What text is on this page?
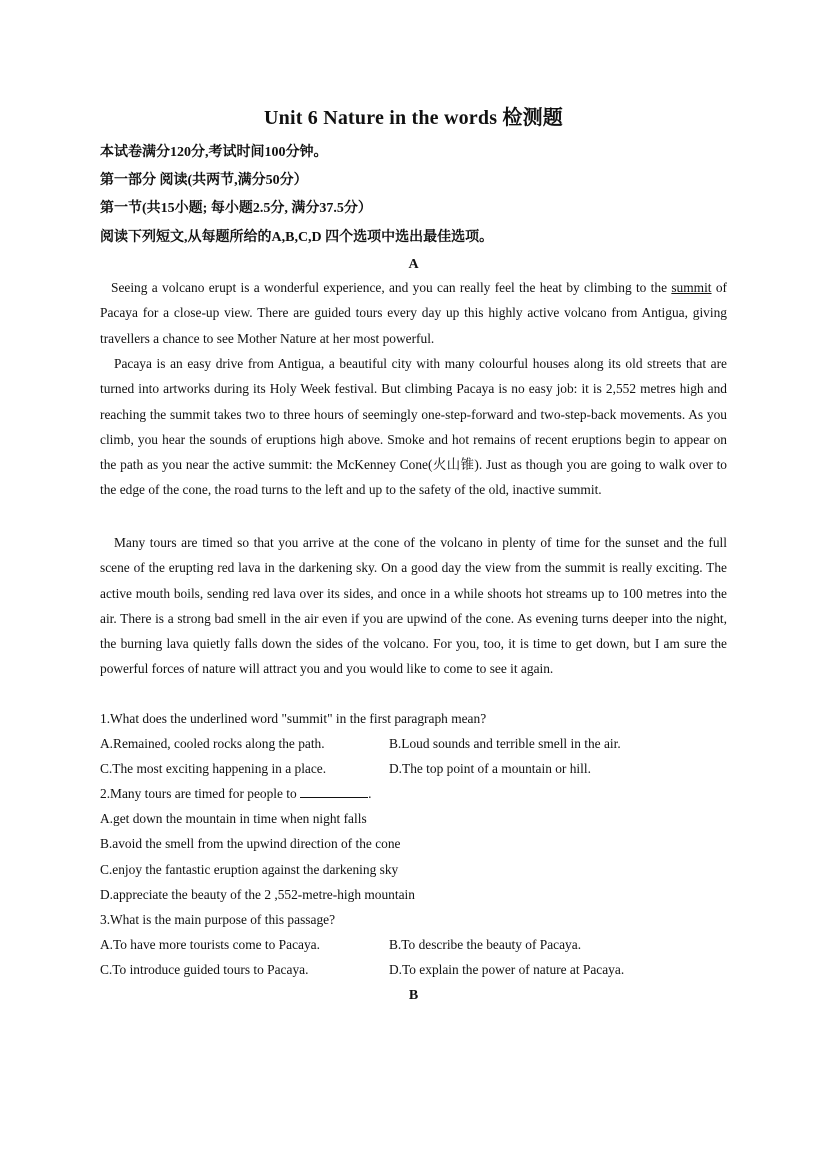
Unit 6 Nature in the words 检测题
本试卷满分120分,考试时间100分钟。
第一部分 阅读(共两节,满分50分）
第一节(共15小题; 每小题2.5分, 满分37.5分）
阅读下列短文,从每题所给的A,B,C,D 四个选项中选出最佳选项。
A

Seeing a volcano erupt is a wonderful experience, and you can really feel the heat by climbing to the summit of Pacaya for a close-up view. There are guided tours every day up this highly active volcano from Antigua, giving travellers a chance to see Mother Nature at her most powerful.

Pacaya is an easy drive from Antigua, a beautiful city with many colourful houses along its old streets that are turned into artworks during its Holy Week festival. But climbing Pacaya is no easy job: it is 2,552 metres high and reaching the summit takes two to three hours of seemingly one-step-forward and two-step-back movements. As you climb, you hear the sounds of eruptions high above. Smoke and hot remains of recent eruptions begin to appear on the path as you near the active summit: the McKenney Cone(火山锥). Just as though you are going to walk over to the edge of the cone, the road turns to the left and up to the safety of the old, inactive summit.

Many tours are timed so that you arrive at the cone of the volcano in plenty of time for the sunset and the full scene of the erupting red lava in the darkening sky. On a good day the view from the summit is really exciting. The active mouth boils, sending red lava over its sides, and once in a while shoots hot streams up to 100 metres into the air. There is a strong bad smell in the air even if you are upwind of the cone. As evening turns deeper into the night, the burning lava quietly falls down the sides of the volcano. For you, too, it is time to get down, but I am sure the powerful forces of nature will attract you and you would like to come to see it again.

1.What does the underlined word "summit" in the first paragraph mean?
A.Remained, cooled rocks along the path.	B.Loud sounds and terrible smell in the air.
C.The most exciting happening in a place.	D.The top point of a mountain or hill.
2.Many tours are timed for people to	.
A.get down the mountain in time when night falls
B.avoid the smell from the upwind direction of the cone
C.enjoy the fantastic eruption against the darkening sky
D.appreciate the beauty of the 2 ,552-metre-high mountain
3.What is the main purpose of this passage?
A.To have more tourists come to Pacaya.	B.To describe the beauty of Pacaya.
C.To introduce guided tours to Pacaya.	D.To explain the power of nature at Pacaya.
B
